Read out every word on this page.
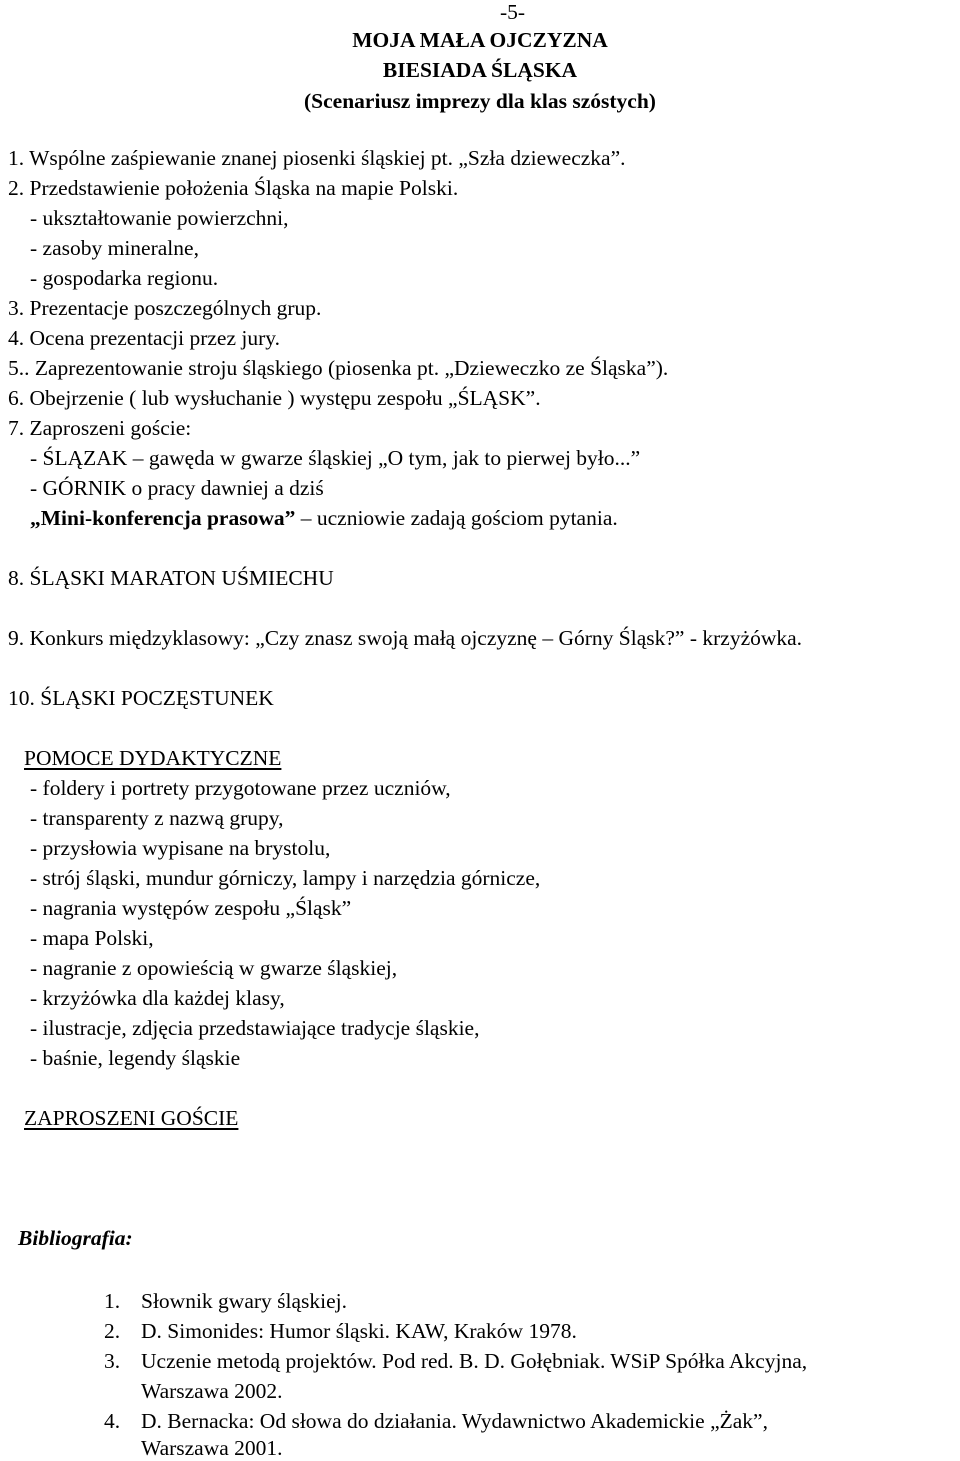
-5-
MOJA MAŁA OJCZYZNA
BIESIADA ŚLĄSKA
(Scenariusz imprezy dla klas szóstych)
1. Wspólne zaśpiewanie znanej piosenki śląskiej pt. „Szła dzieweczka”.
2. Przedstawienie położenia Śląska na mapie Polski.
- ukształtowanie powierzchni,
- zasoby mineralne,
- gospodarka regionu.
3. Prezentacje poszczególnych grup.
4. Ocena prezentacji przez jury.
5.. Zaprezentowanie stroju śląskiego (piosenka pt. „Dzieweczko ze Śląska”).
6. Obejrzenie ( lub wysłuchanie ) występu zespołu „ŚLĄSK”.
7. Zaproszeni goście:
- ŚLĄZAK – gawęda w gwarze śląskiej „O tym, jak to pierwej było...”
- GÓRNIK o pracy dawniej a dziś
„Mini-konferencja prasowa” – uczniowie zadają gościom pytania.
8. ŚLĄSKI MARATON UŚMIECHU
9. Konkurs międzyklasowy: „Czy znasz swoją małą ojczyznę – Górny Śląsk?” - krzyżówka.
10. ŚLĄSKI POCZĘSTUNEK
POMOCE DYDAKTYCZNE
- foldery i portrety przygotowane przez uczniów,
- transparenty z nazwą grupy,
- przysłowia wypisane na brystolu,
- strój śląski, mundur górniczy, lampy i narzędzia górnicze,
- nagrania występów zespołu „Śląsk”
- mapa Polski,
- nagranie z opowieścią w gwarze śląskiej,
- krzyżówka dla każdej klasy,
- ilustracje, zdjęcia przedstawiające tradycje śląskie,
- baśnie, legendy śląskie
ZAPROSZENI GOŚCIE
Bibliografia:
1. Słownik gwary śląskiej.
2. D. Simonides: Humor śląski. KAW, Kraków 1978.
3. Uczenie metodą projektów. Pod red. B. D. Gołębniak. WSiP Spółka Akcyjna,
Warszawa 2002.
4. D. Bernacka: Od słowa do działania. Wydawnictwo Akademickie „Żak”,
Warszawa 2001.
